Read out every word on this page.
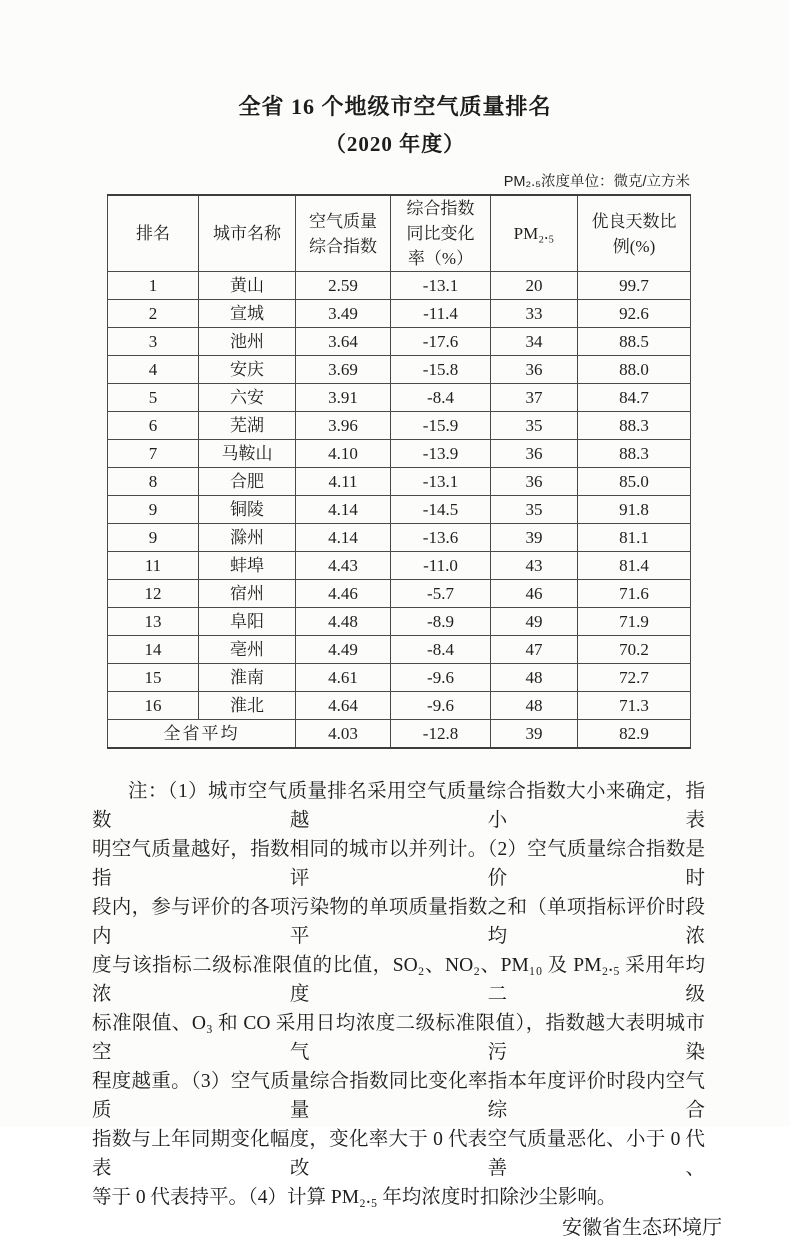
全省 16 个地级市空气质量排名
（2020 年度）
PM₂.₅浓度单位：微克/立方米
排名	城市名称	空气质量综合指数	综合指数同比变化率（%）	PM₂.₅	优良天数比例(%)
1	黄山	2.59	-13.1	20	99.7
2	宣城	3.49	-11.4	33	92.6
3	池州	3.64	-17.6	34	88.5
4	安庆	3.69	-15.8	36	88.0
5	六安	3.91	-8.4	37	84.7
6	芜湖	3.96	-15.9	35	88.3
7	马鞍山	4.10	-13.9	36	88.3
8	合肥	4.11	-13.1	36	85.0
9	铜陵	4.14	-14.5	35	91.8
9	滁州	4.14	-13.6	39	81.1
11	蚌埠	4.43	-11.0	43	81.4
12	宿州	4.46	-5.7	46	71.6
13	阜阳	4.48	-8.9	49	71.9
14	亳州	4.49	-8.4	47	70.2
15	淮南	4.61	-9.6	48	72.7
16	淮北	4.64	-9.6	48	71.3
全省平均		4.03	-12.8	39	82.9
注：（1）城市空气质量排名采用空气质量综合指数大小来确定，指数越小表
明空气质量越好，指数相同的城市以并列计。（2）空气质量综合指数是指评价时
段内，参与评价的各项污染物的单项质量指数之和（单项指标评价时段内平均浓
度与该指标二级标准限值的比值，SO₂、NO₂、PM₁₀ 及 PM₂.₅ 采用年均浓度二级
标准限值、O₃ 和 CO 采用日均浓度二级标准限值），指数越大表明城市空气污染
程度越重。（3）空气质量综合指数同比变化率指本年度评价时段内空气质量综合
指数与上年同期变化幅度，变化率大于 0 代表空气质量恶化、小于 0 代表改善、
等于 0 代表持平。（4）计算 PM₂.₅ 年均浓度时扣除沙尘影响。
安徽省生态环境厅
